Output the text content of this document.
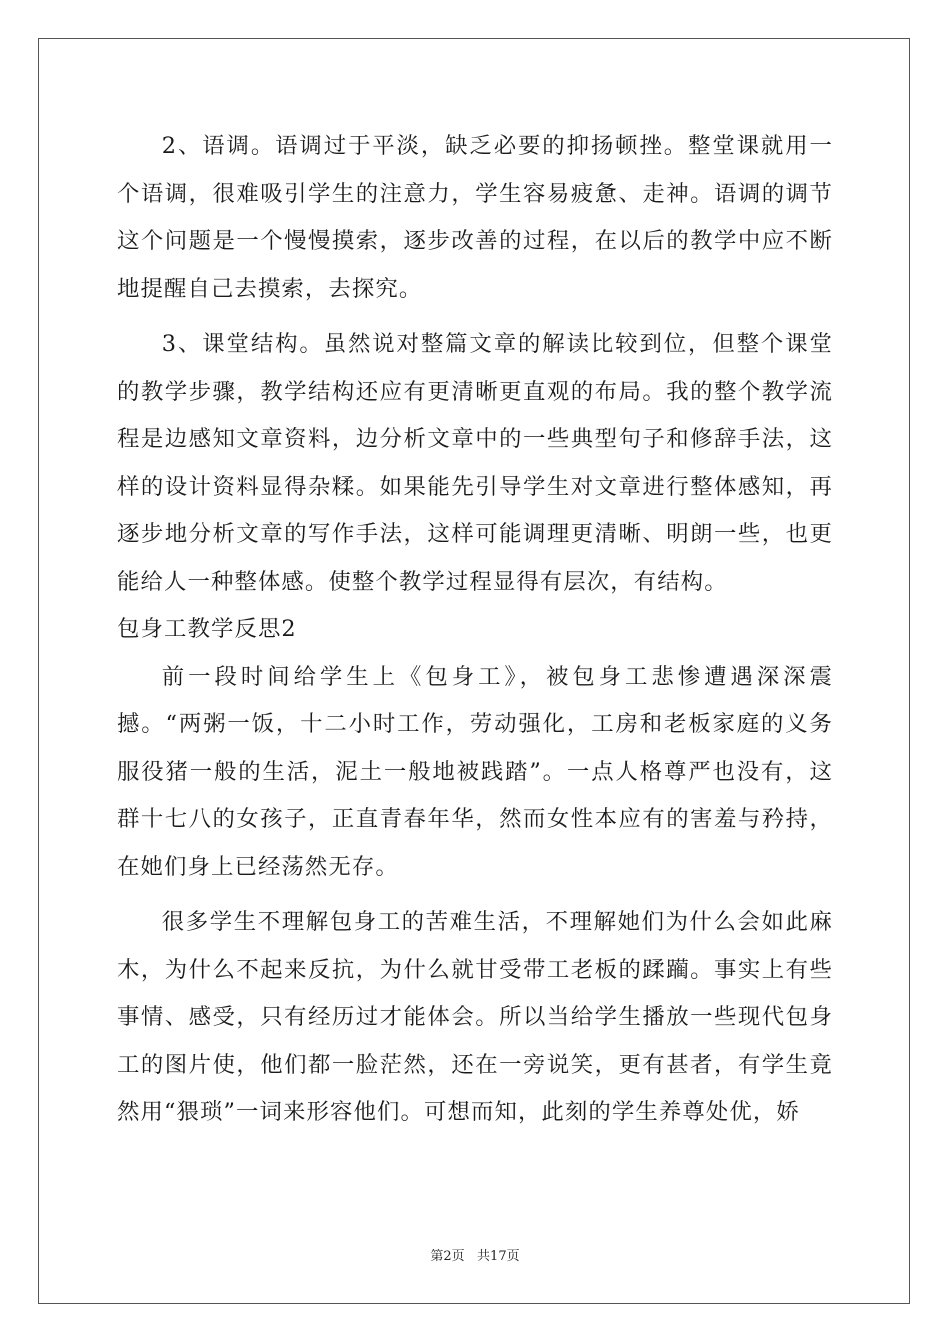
2、语调。语调过于平淡，缺乏必要的抑扬顿挫。整堂课就用一个语调，很难吸引学生的注意力，学生容易疲惫、走神。语调的调节这个问题是一个慢慢摸索，逐步改善的过程，在以后的教学中应不断地提醒自己去摸索，去探究。

3、课堂结构。虽然说对整篇文章的解读比较到位，但整个课堂的教学步骤，教学结构还应有更清晰更直观的布局。我的整个教学流程是边感知文章资料，边分析文章中的一些典型句子和修辞手法，这样的设计资料显得杂糅。如果能先引导学生对文章进行整体感知，再逐步地分析文章的写作手法，这样可能调理更清晰、明朗一些，也更能给人一种整体感。使整个教学过程显得有层次，有结构。

包身工教学反思2

前一段时间给学生上《包身工》，被包身工悲惨遭遇深深震撼。“两粥一饭，十二小时工作，劳动强化，工房和老板家庭的义务服役猪一般的生活，泥土一般地被践踏”。一点人格尊严也没有，这群十七八的女孩子，正直青春年华，然而女性本应有的害羞与矜持，在她们身上已经荡然无存。

很多学生不理解包身工的苦难生活，不理解她们为什么会如此麻木，为什么不起来反抗，为什么就甘受带工老板的蹂躏。事实上有些事情、感受，只有经历过才能体会。所以当给学生播放一些现代包身工的图片使，他们都一脸茫然，还在一旁说笑，更有甚者，有学生竟然用“猥琐”一词来形容他们。可想而知，此刻的学生养尊处优，娇

第2页   共17页
